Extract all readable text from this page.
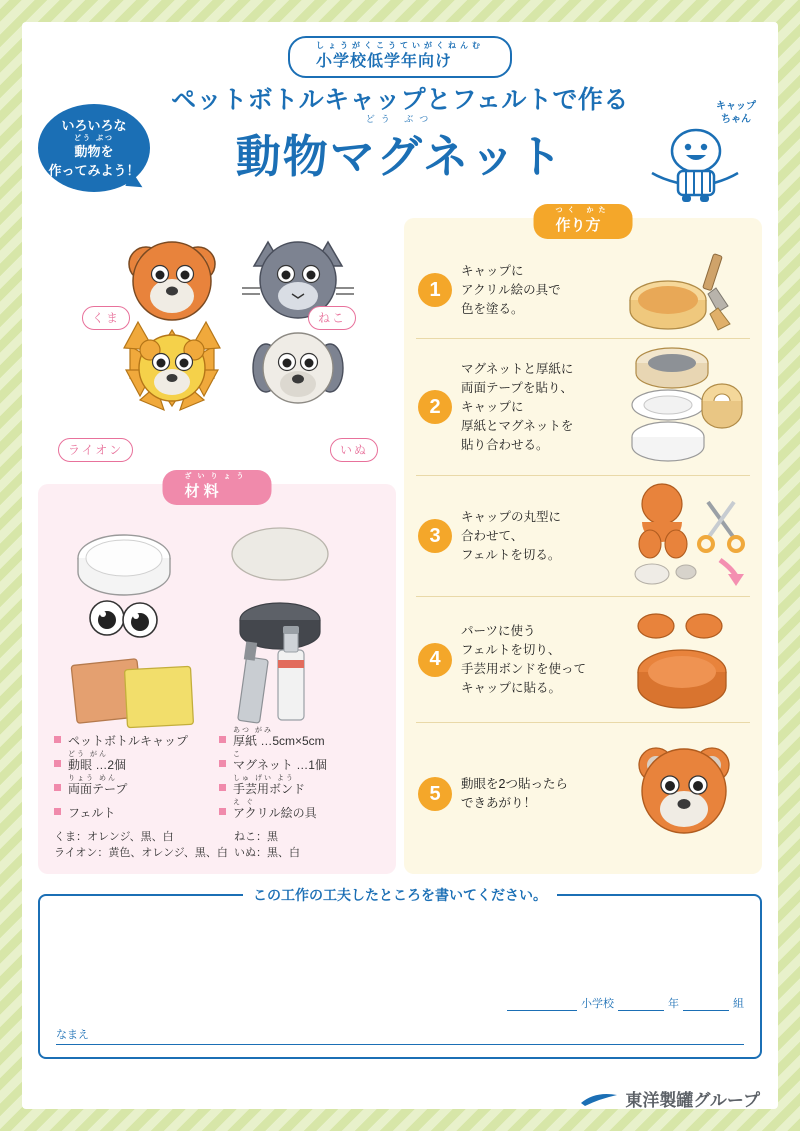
しょうがくこうていがくねんむ
小学校低学年向け
ペットボトルキャップとフェルトで作る
どう ぶつ
動物マグネット
いろいろな
どう ぶつ
動物を
作ってみよう！
キャップ
ちゃん
くま	ねこ
ライオン	いぬ
ざいりょう
材 料
ペットボトルキャップ
あつ がみ
厚紙 …5cm×5cm
どう がん
動眼 …2個
こ
マグネット …1個
りょう めん
両面テープ
しゅ げい よう
手芸用ボンド
フェルト
え ぐ
アクリル絵の具
くま：オレンジ、黒、白	ねこ：黒
ライオン：黄色、オレンジ、黒、白 いぬ：黒、白
つく かた
作り方
1
キャップに
アクリル絵の具で
色を塗る。
2
マグネットと厚紙に
両面テープを貼り、
キャップに
厚紙とマグネットを
貼り合わせる。
3
キャップの丸型に
合わせて、
フェルトを切る。
4
パーツに使う
フェルトを切り、
手芸用ボンドを使って
キャップに貼る。
5	動眼を2つ貼ったら
できあがり！
この工作の工夫したところを書いてください。

小学校
	年
	組
なまえ
東洋製罐グループ
